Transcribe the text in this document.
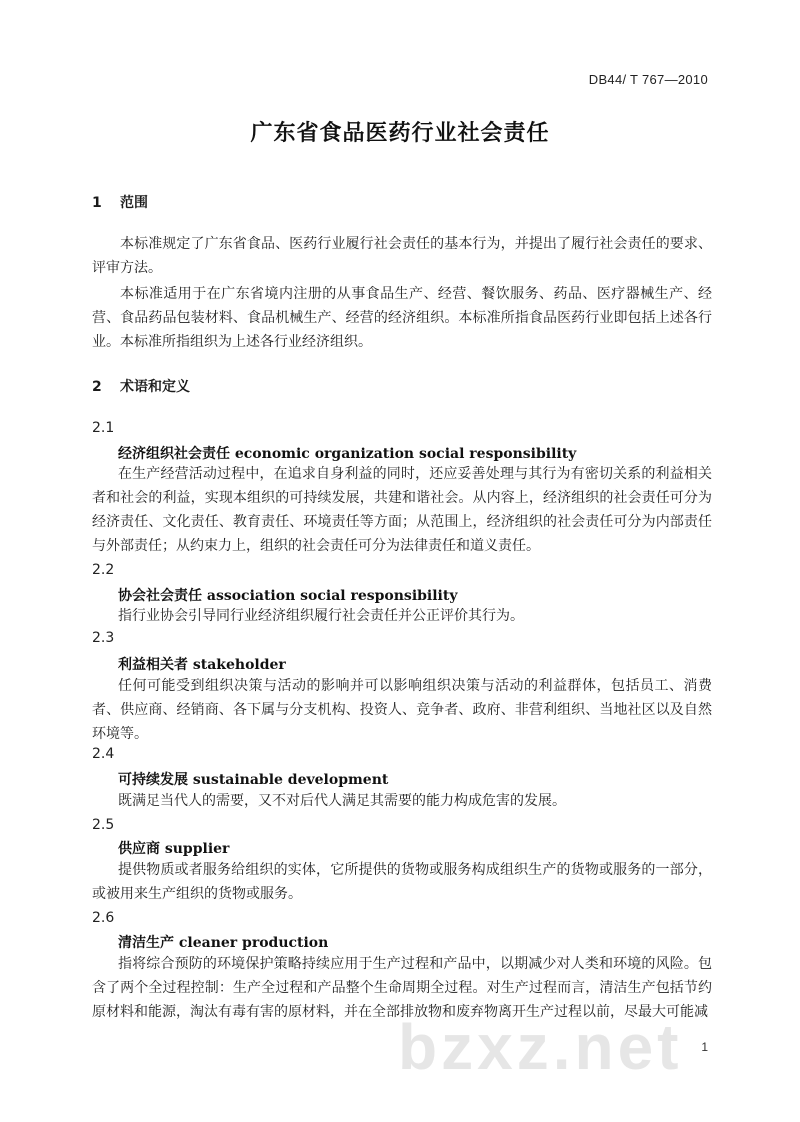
DB44/ T 767—2010
广东省食品医药行业社会责任
1 范围
本标准规定了广东省食品、医药行业履行社会责任的基本行为，并提出了履行社会责任的要求、评审方法。
本标准适用于在广东省境内注册的从事食品生产、经营、餐饮服务、药品、医疗器械生产、经营、食品药品包装材料、食品机械生产、经营的经济组织。本标准所指食品医药行业即包括上述各行业。本标准所指组织为上述各行业经济组织。
2 术语和定义
2.1
经济组织社会责任 economic organization social responsibility
在生产经营活动过程中，在追求自身利益的同时，还应妥善处理与其行为有密切关系的利益相关者和社会的利益，实现本组织的可持续发展，共建和谐社会。从内容上，经济组织的社会责任可分为经济责任、文化责任、教育责任、环境责任等方面；从范围上，经济组织的社会责任可分为内部责任与外部责任；从约束力上，组织的社会责任可分为法律责任和道义责任。
2.2
协会社会责任 association social responsibility
指行业协会引导同行业经济组织履行社会责任并公正评价其行为。
2.3
利益相关者 stakeholder
任何可能受到组织决策与活动的影响并可以影响组织决策与活动的利益群体，包括员工、消费者、供应商、经销商、各下属与分支机构、投资人、竞争者、政府、非营利组织、当地社区以及自然环境等。
2.4
可持续发展 sustainable development
既满足当代人的需要，又不对后代人满足其需要的能力构成危害的发展。
2.5
供应商 supplier
提供物质或者服务给组织的实体，它所提供的货物或服务构成组织生产的货物或服务的一部分，或被用来生产组织的货物或服务。
2.6
清洁生产 cleaner production
指将综合预防的环境保护策略持续应用于生产过程和产品中，以期减少对人类和环境的风险。包含了两个全过程控制：生产全过程和产品整个生命周期全过程。对生产过程而言，清洁生产包括节约原材料和能源，淘汰有毒有害的原材料，并在全部排放物和废弃物离开生产过程以前，尽最大可能减
bzxz.net 1
